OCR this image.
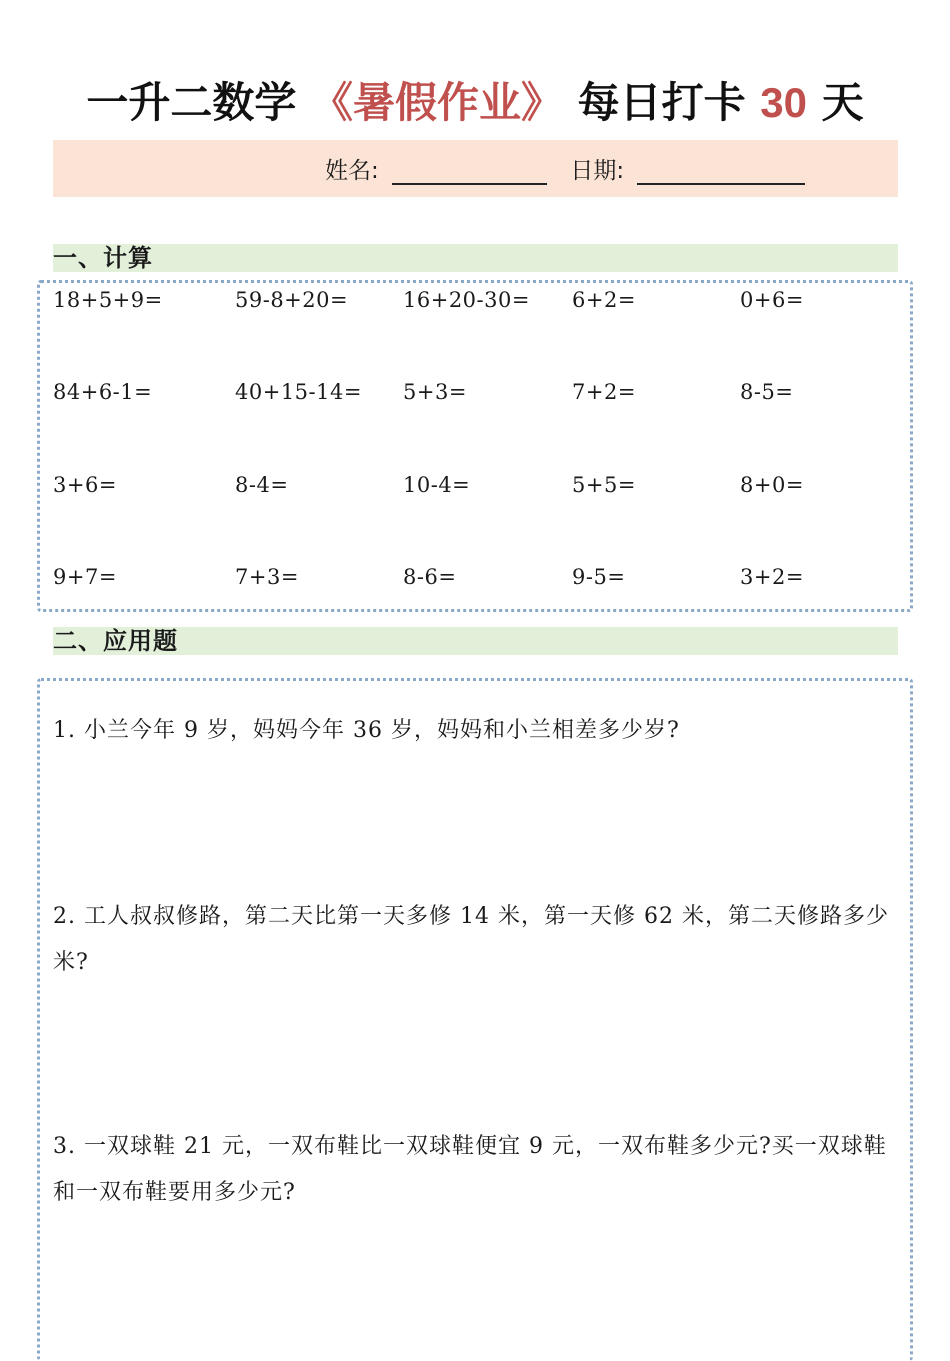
一升二数学 《暑假作业》 每日打卡 30 天
姓名:	日期:
一、计算
18+5+9=	59-8+20=	16+20-30= 6+2=	0+6=
84+6-1=	40+15-14= 5+3=	7+2=	8-5=
3+6=	8-4=	10-4=	5+5=	8+0=
9+7=	7+3=	8-6=	9-5=	3+2=
二、应用题
1. 小兰今年 9 岁，妈妈今年 36 岁，妈妈和小兰相差多少岁?
2. 工人叔叔修路，第二天比第一天多修 14 米，第一天修 62 米，第二天修路多少米?
3. 一双球鞋 21 元，一双布鞋比一双球鞋便宜 9 元，一双布鞋多少元?买一双球鞋和一双布鞋要用多少元?
